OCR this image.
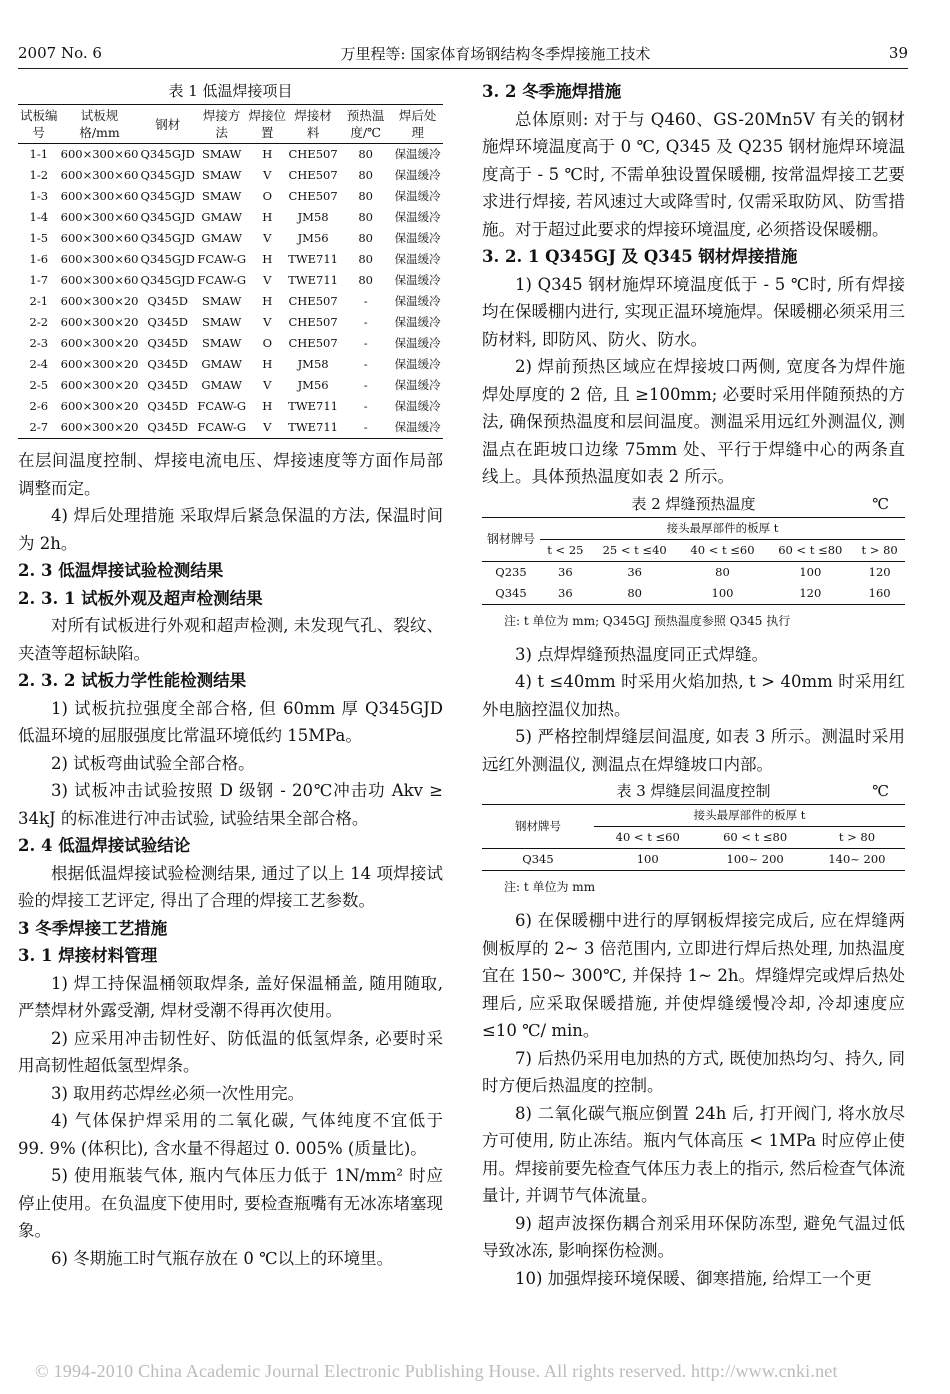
2007 No. 6	万里程等: 国家体育场钢结构冬季焊接施工技术	39
表 1 低温焊接项目
试板编号	试板规格/mm	钢材	焊接方法	焊接位置	焊接材料	预热温度/℃	焊后处理
1-1	600×300×60	Q345GJD	SMAW	H	CHE507	80	保温缓冷
1-2	600×300×60	Q345GJD	SMAW	V	CHE507	80	保温缓冷
1-3	600×300×60	Q345GJD	SMAW	O	CHE507	80	保温缓冷
1-4	600×300×60	Q345GJD	GMAW	H	JM58	80	保温缓冷
1-5	600×300×60	Q345GJD	GMAW	V	JM56	80	保温缓冷
1-6	600×300×60	Q345GJD	FCAW-G	H	TWE711	80	保温缓冷
1-7	600×300×60	Q345GJD	FCAW-G	V	TWE711	80	保温缓冷
2-1	600×300×20	Q345D	SMAW	H	CHE507	-	保温缓冷
2-2	600×300×20	Q345D	SMAW	V	CHE507	-	保温缓冷
2-3	600×300×20	Q345D	SMAW	O	CHE507	-	保温缓冷
2-4	600×300×20	Q345D	GMAW	H	JM58	-	保温缓冷
2-5	600×300×20	Q345D	GMAW	V	JM56	-	保温缓冷
2-6	600×300×20	Q345D	FCAW-G	H	TWE711	-	保温缓冷
2-7	600×300×20	Q345D	FCAW-G	V	TWE711	-	保温缓冷

在层间温度控制、焊接电流电压、焊接速度等方面作局部调整而定。

4) 焊后处理措施 采取焊后紧急保温的方法, 保温时间为 2h。

2. 3 低温焊接试验检测结果

2. 3. 1 试板外观及超声检测结果

对所有试板进行外观和超声检测, 未发现气孔、裂纹、夹渣等超标缺陷。

2. 3. 2 试板力学性能检测结果

1) 试板抗拉强度全部合格, 但 60mm 厚 Q345GJD 低温环境的屈服强度比常温环境低约 15MPa。

2) 试板弯曲试验全部合格。

3) 试板冲击试验按照 D 级钢 - 20℃冲击功 Akv ≥ 34kJ 的标准进行冲击试验, 试验结果全部合格。

2. 4 低温焊接试验结论

根据低温焊接试验检测结果, 通过了以上 14 项焊接试验的焊接工艺评定, 得出了合理的焊接工艺参数。

3 冬季焊接工艺措施

3. 1 焊接材料管理

1) 焊工持保温桶领取焊条, 盖好保温桶盖, 随用随取, 严禁焊材外露受潮, 焊材受潮不得再次使用。

2) 应采用冲击韧性好、防低温的低氢焊条, 必要时采用高韧性超低氢型焊条。

3) 取用药芯焊丝必须一次性用完。

4) 气体保护焊采用的二氧化碳, 气体纯度不宜低于 99. 9% (体积比), 含水量不得超过 0. 005% (质量比)。

5) 使用瓶装气体, 瓶内气体压力低于 1N/mm² 时应停止使用。在负温度下使用时, 要检查瓶嘴有无冰冻堵塞现象。

6) 冬期施工时气瓶存放在 0 ℃以上的环境里。

3. 2 冬季施焊措施

总体原则: 对于与 Q460、GS-20Mn5V 有关的钢材施焊环境温度高于 0 ℃, Q345 及 Q235 钢材施焊环境温度高于 - 5 ℃时, 不需单独设置保暖棚, 按常温焊接工艺要求进行焊接, 若风速过大或降雪时, 仅需采取防风、防雪措施。对于超过此要求的焊接环境温度, 必须搭设保暖棚。

3. 2. 1 Q345GJ 及 Q345 钢材焊接措施

1) Q345 钢材施焊环境温度低于 - 5 ℃时, 所有焊接均在保暖棚内进行, 实现正温环境施焊。保暖棚必须采用三防材料, 即防风、防火、防水。

2) 焊前预热区域应在焊接坡口两侧, 宽度各为焊件施焊处厚度的 2 倍, 且 ≥100mm; 必要时采用伴随预热的方法, 确保预热温度和层间温度。测温采用远红外测温仪, 测温点在距坡口边缘 75mm 处、平行于焊缝中心的两条直线上。具体预热温度如表 2 所示。

表 2 焊缝预热温度	℃
钢材牌号	接头最厚部件的板厚 t				
	t < 25	25 < t ≤40	40 < t ≤60	60 < t ≤80	t > 80
Q235	36	36	80	100	120
Q345	36	80	100	120	160
注: t 单位为 mm; Q345GJ 预热温度参照 Q345 执行

3) 点焊焊缝预热温度同正式焊缝。

4) t ≤40mm 时采用火焰加热, t > 40mm 时采用红外电脑控温仪加热。

5) 严格控制焊缝层间温度, 如表 3 所示。测温时采用远红外测温仪, 测温点在焊缝坡口内部。

表 3 焊缝层间温度控制	℃
钢材牌号	接头最厚部件的板厚 t		
	40 < t ≤60	60 < t ≤80	t > 80
Q345	100	100~ 200	140~ 200
注: t 单位为 mm

6) 在保暖棚中进行的厚钢板焊接完成后, 应在焊缝两侧板厚的 2~ 3 倍范围内, 立即进行焊后热处理, 加热温度宜在 150~ 300℃, 并保持 1~ 2h。焊缝焊完或焊后热处理后, 应采取保暖措施, 并使焊缝缓慢冷却, 冷却速度应 ≤10 ℃/ min。

7) 后热仍采用电加热的方式, 既使加热均匀、持久, 同时方便后热温度的控制。

8) 二氧化碳气瓶应倒置 24h 后, 打开阀门, 将水放尽方可使用, 防止冻结。瓶内气体高压 < 1MPa 时应停止使用。焊接前要先检查气体压力表上的指示, 然后检查气体流量计, 并调节气体流量。

9) 超声波探伤耦合剂采用环保防冻型, 避免气温过低导致冰冻, 影响探伤检测。

10) 加强焊接环境保暖、御寒措施, 给焊工一个更

© 1994-2010 China Academic Journal Electronic Publishing House. All rights reserved. http://www.cnki.net
